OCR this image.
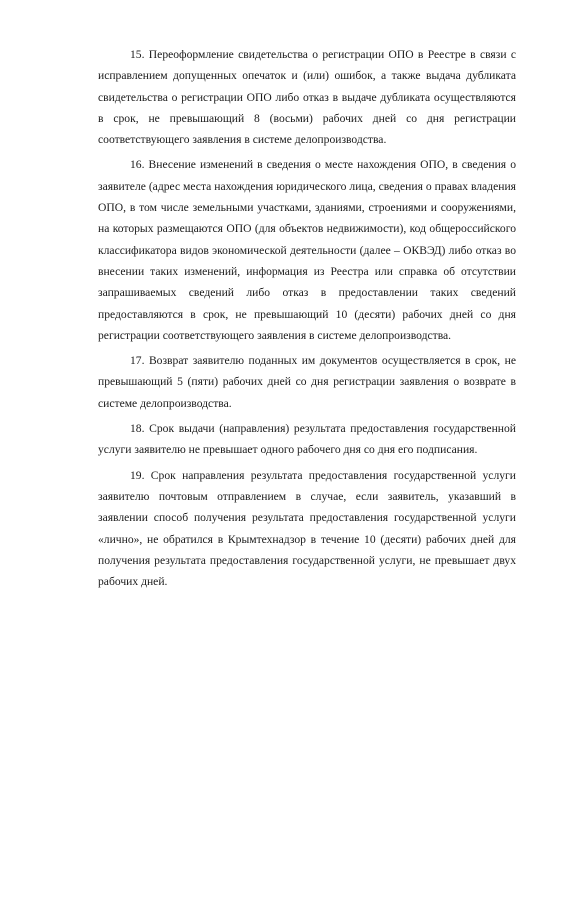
15. Переоформление свидетельства о регистрации ОПО в Реестре в связи с исправлением допущенных опечаток и (или) ошибок, а также выдача дубликата свидетельства о регистрации ОПО либо отказ в выдаче дубликата осуществляются в срок, не превышающий 8 (восьми) рабочих дней со дня регистрации соответствующего заявления в системе делопроизводства.

16. Внесение изменений в сведения о месте нахождения ОПО, в сведения о заявителе (адрес места нахождения юридического лица, сведения о правах владения ОПО, в том числе земельными участками, зданиями, строениями и сооружениями, на которых размещаются ОПО (для объектов недвижимости), код общероссийского классификатора видов экономической деятельности (далее – ОКВЭД) либо отказ во внесении таких изменений, информация из Реестра или справка об отсутствии запрашиваемых сведений либо отказ в предоставлении таких сведений предоставляются в срок, не превышающий 10 (десяти) рабочих дней со дня регистрации соответствующего заявления в системе делопроизводства.

17. Возврат заявителю поданных им документов осуществляется в срок, не превышающий 5 (пяти) рабочих дней со дня регистрации заявления о возврате в системе делопроизводства.

18. Срок выдачи (направления) результата предоставления государственной услуги заявителю не превышает одного рабочего дня со дня его подписания.

19. Срок направления результата предоставления государственной услуги заявителю почтовым отправлением в случае, если заявитель, указавший в заявлении способ получения результата предоставления государственной услуги «лично», не обратился в Крымтехнадзор в течение 10 (десяти) рабочих дней для получения результата предоставления государственной услуги, не превышает двух рабочих дней.
